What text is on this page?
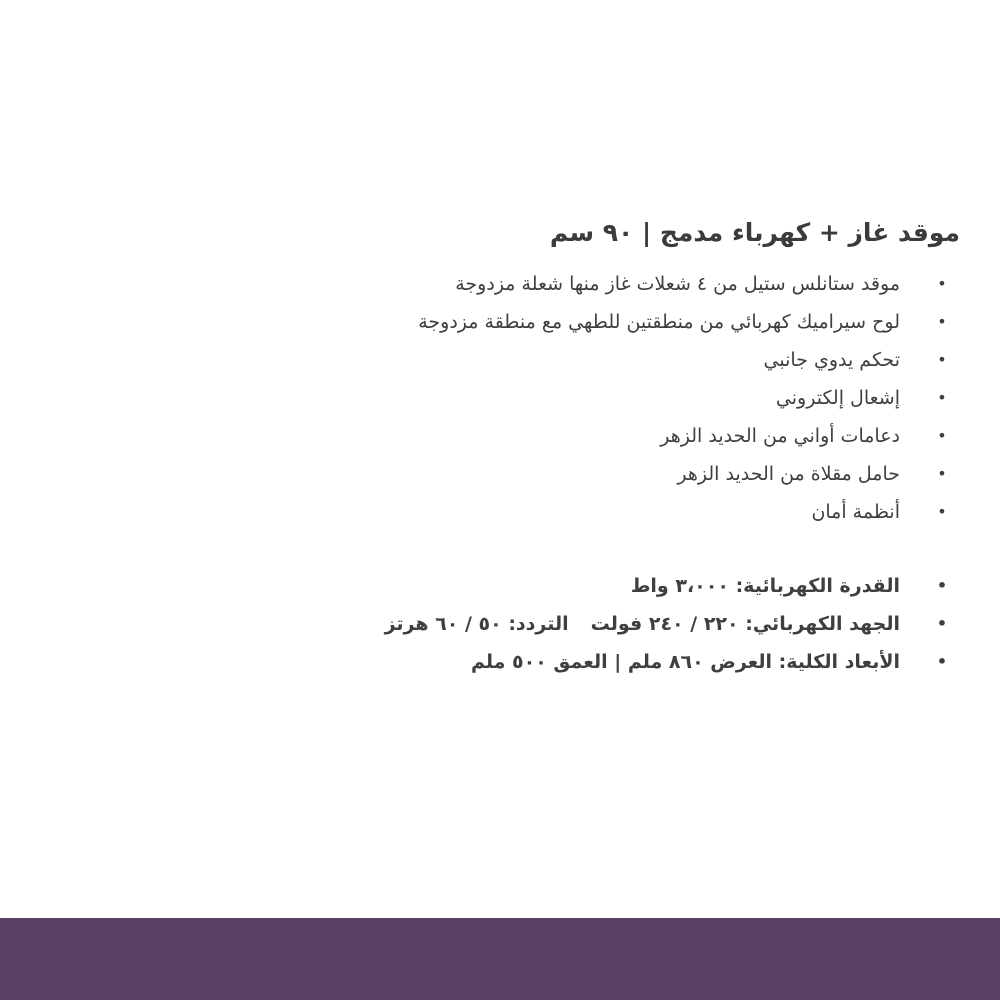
موقد غاز + كهرباء مدمج | ٩٠ سم
•
موقد ستانلس ستيل من ٤ شعلات غاز منها شعلة مزدوجة
•
لوح سيراميك كهربائي من منطقتين للطهي مع منطقة مزدوجة
•
تحكم يدوي جانبي
•
إشعال إلكتروني
•
دعامات أواني من الحديد الزهر
•
حامل مقلاة من الحديد الزهر
•
أنظمة أمان
•
القدرة الكهربائية: ٣،٠٠٠ واط
•
الجهد الكهربائي: ٢٢٠ / ٢٤٠ فولتالتردد: ٥٠ / ٦٠ هرتز
•
الأبعاد الكلية: العرض ٨٦٠ ملم | العمق ٥٠٠ ملم
